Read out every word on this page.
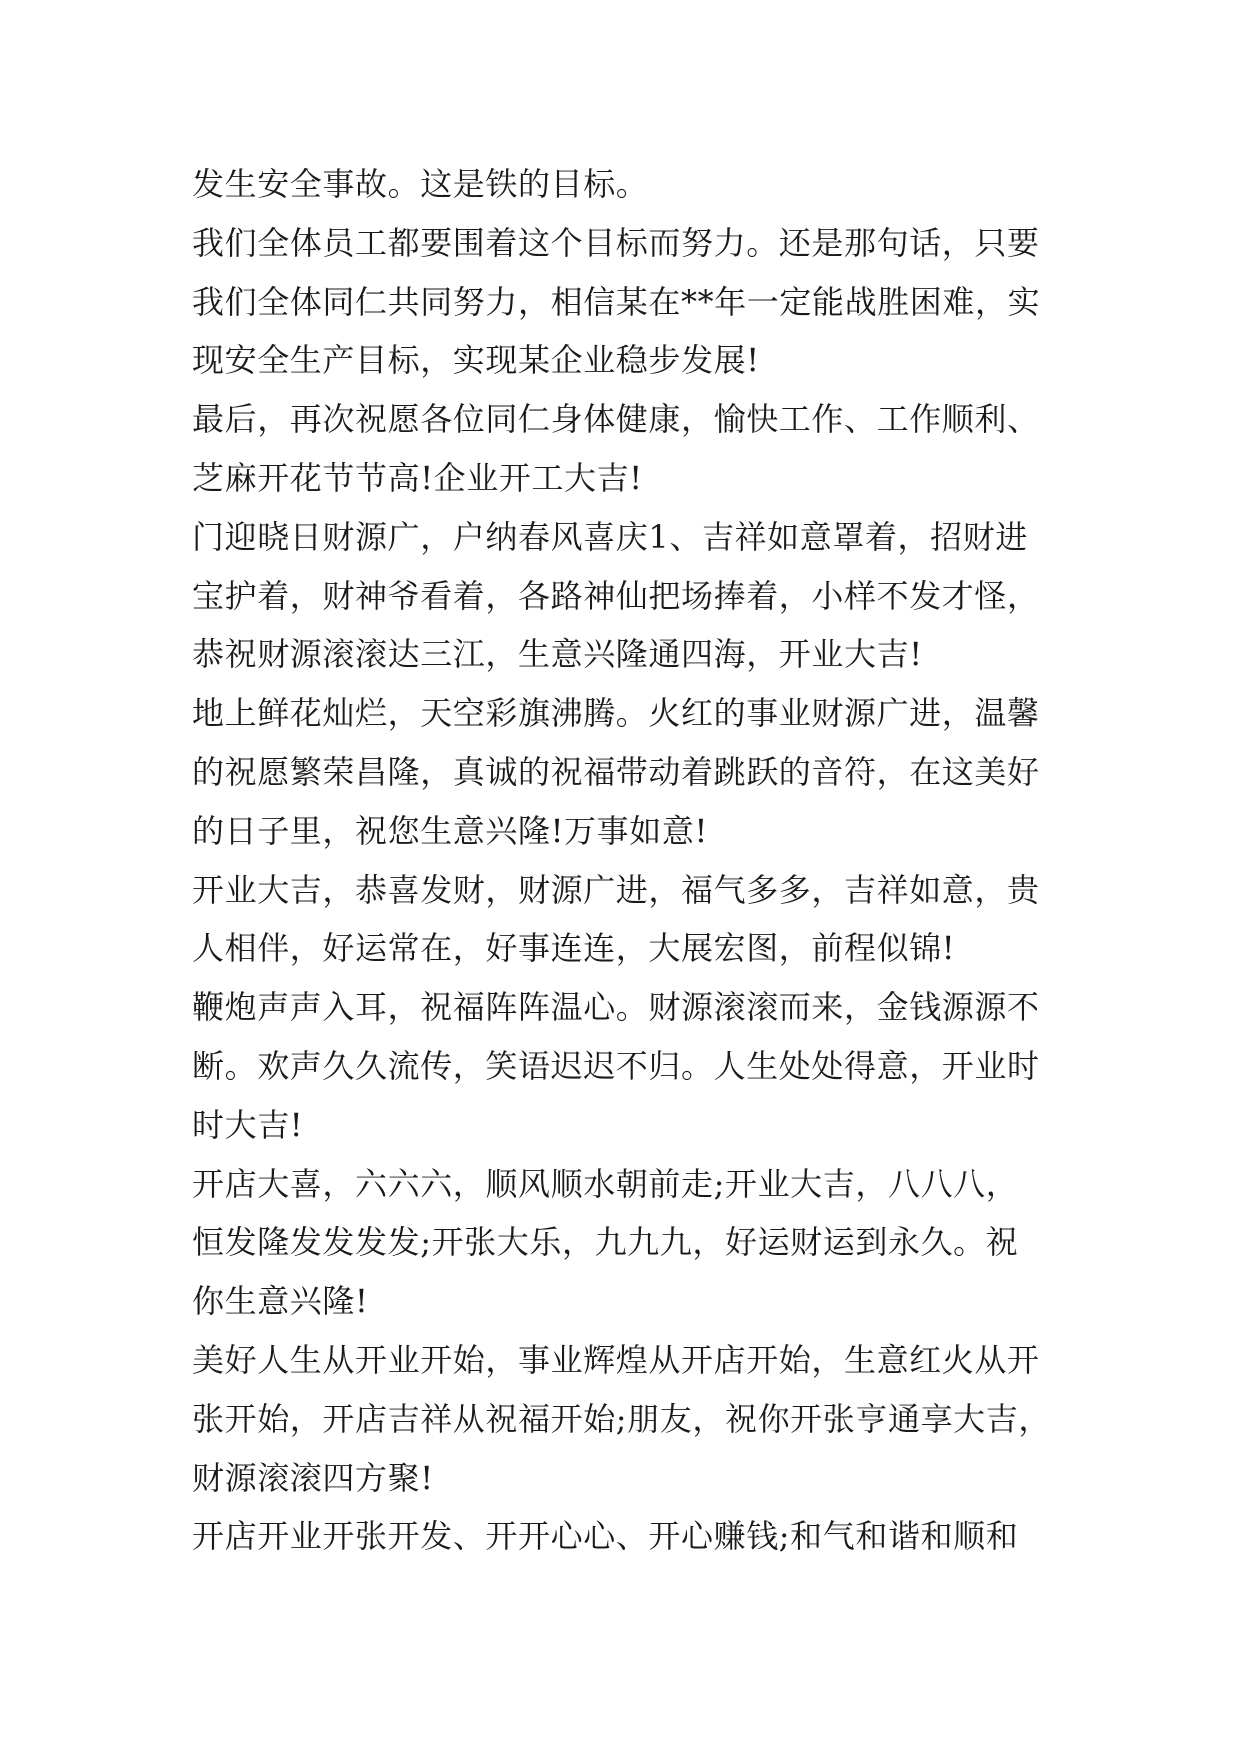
发生安全事故。这是铁的目标。
我们全体员工都要围着这个目标而努力。还是那句话，只要
我们全体同仁共同努力，相信某在**年一定能战胜困难，实
现安全生产目标，实现某企业稳步发展!
最后，再次祝愿各位同仁身体健康，愉快工作、工作顺利、
芝麻开花节节高!企业开工大吉!
门迎晓日财源广，户纳春风喜庆1、吉祥如意罩着，招财进
宝护着，财神爷看着，各路神仙把场捧着，小样不发才怪，
恭祝财源滚滚达三江，生意兴隆通四海，开业大吉!
地上鲜花灿烂，天空彩旗沸腾。火红的事业财源广进，温馨
的祝愿繁荣昌隆，真诚的祝福带动着跳跃的音符，在这美好
的日子里，祝您生意兴隆!万事如意!
开业大吉，恭喜发财，财源广进，福气多多，吉祥如意，贵
人相伴，好运常在，好事连连，大展宏图，前程似锦!
鞭炮声声入耳，祝福阵阵温心。财源滚滚而来，金钱源源不
断。欢声久久流传，笑语迟迟不归。人生处处得意，开业时
时大吉!
开店大喜，六六六，顺风顺水朝前走;开业大吉，八八八，
恒发隆发发发发;开张大乐，九九九，好运财运到永久。祝
你生意兴隆!
美好人生从开业开始，事业辉煌从开店开始，生意红火从开
张开始，开店吉祥从祝福开始;朋友，祝你开张亨通享大吉，
财源滚滚四方聚!
开店开业开张开发、开开心心、开心赚钱;和气和谐和顺和
